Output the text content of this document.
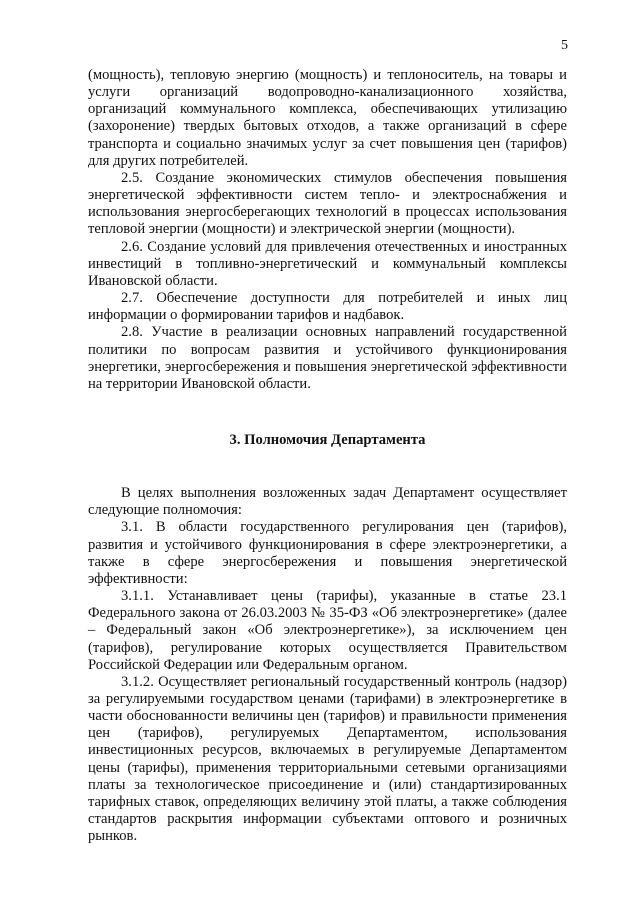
5

(мощность), тепловую энергию (мощность) и теплоноситель, на товары и услуги организаций водопроводно-канализационного хозяйства, организаций коммунального комплекса, обеспечивающих утилизацию (захоронение) твердых бытовых отходов, а также организаций в сфере транспорта и социально значимых услуг за счет повышения цен (тарифов) для других потребителей.

2.5. Создание экономических стимулов обеспечения повышения энергетической эффективности систем тепло- и электроснабжения и использования энергосберегающих технологий в процессах использования тепловой энергии (мощности) и электрической энергии (мощности).

2.6. Создание условий для привлечения отечественных и иностранных инвестиций в топливно-энергетический и коммунальный комплексы Ивановской области.

2.7. Обеспечение доступности для потребителей и иных лиц информации о формировании тарифов и надбавок.

2.8. Участие в реализации основных направлений государственной политики по вопросам развития и устойчивого функционирования энергетики, энергосбережения и повышения энергетической эффективности на территории Ивановской области.

3. Полномочия Департамента

В целях выполнения возложенных задач Департамент осуществляет следующие полномочия:

3.1. В области государственного регулирования цен (тарифов), развития и устойчивого функционирования в сфере электроэнергетики, а также в сфере энергосбережения и повышения энергетической эффективности:

3.1.1. Устанавливает цены (тарифы), указанные в статье 23.1 Федерального закона от 26.03.2003 № 35-ФЗ «Об электроэнергетике» (далее – Федеральный закон «Об электроэнергетике»), за исключением цен (тарифов), регулирование которых осуществляется Правительством Российской Федерации или Федеральным органом.

3.1.2. Осуществляет региональный государственный контроль (надзор) за регулируемыми государством ценами (тарифами) в электроэнергетике в части обоснованности величины цен (тарифов) и правильности применения цен (тарифов), регулируемых Департаментом, использования инвестиционных ресурсов, включаемых в регулируемые Департаментом цены (тарифы), применения территориальными сетевыми организациями платы за технологическое присоединение и (или) стандартизированных тарифных ставок, определяющих величину этой платы, а также соблюдения стандартов раскрытия информации субъектами оптового и розничных рынков.
